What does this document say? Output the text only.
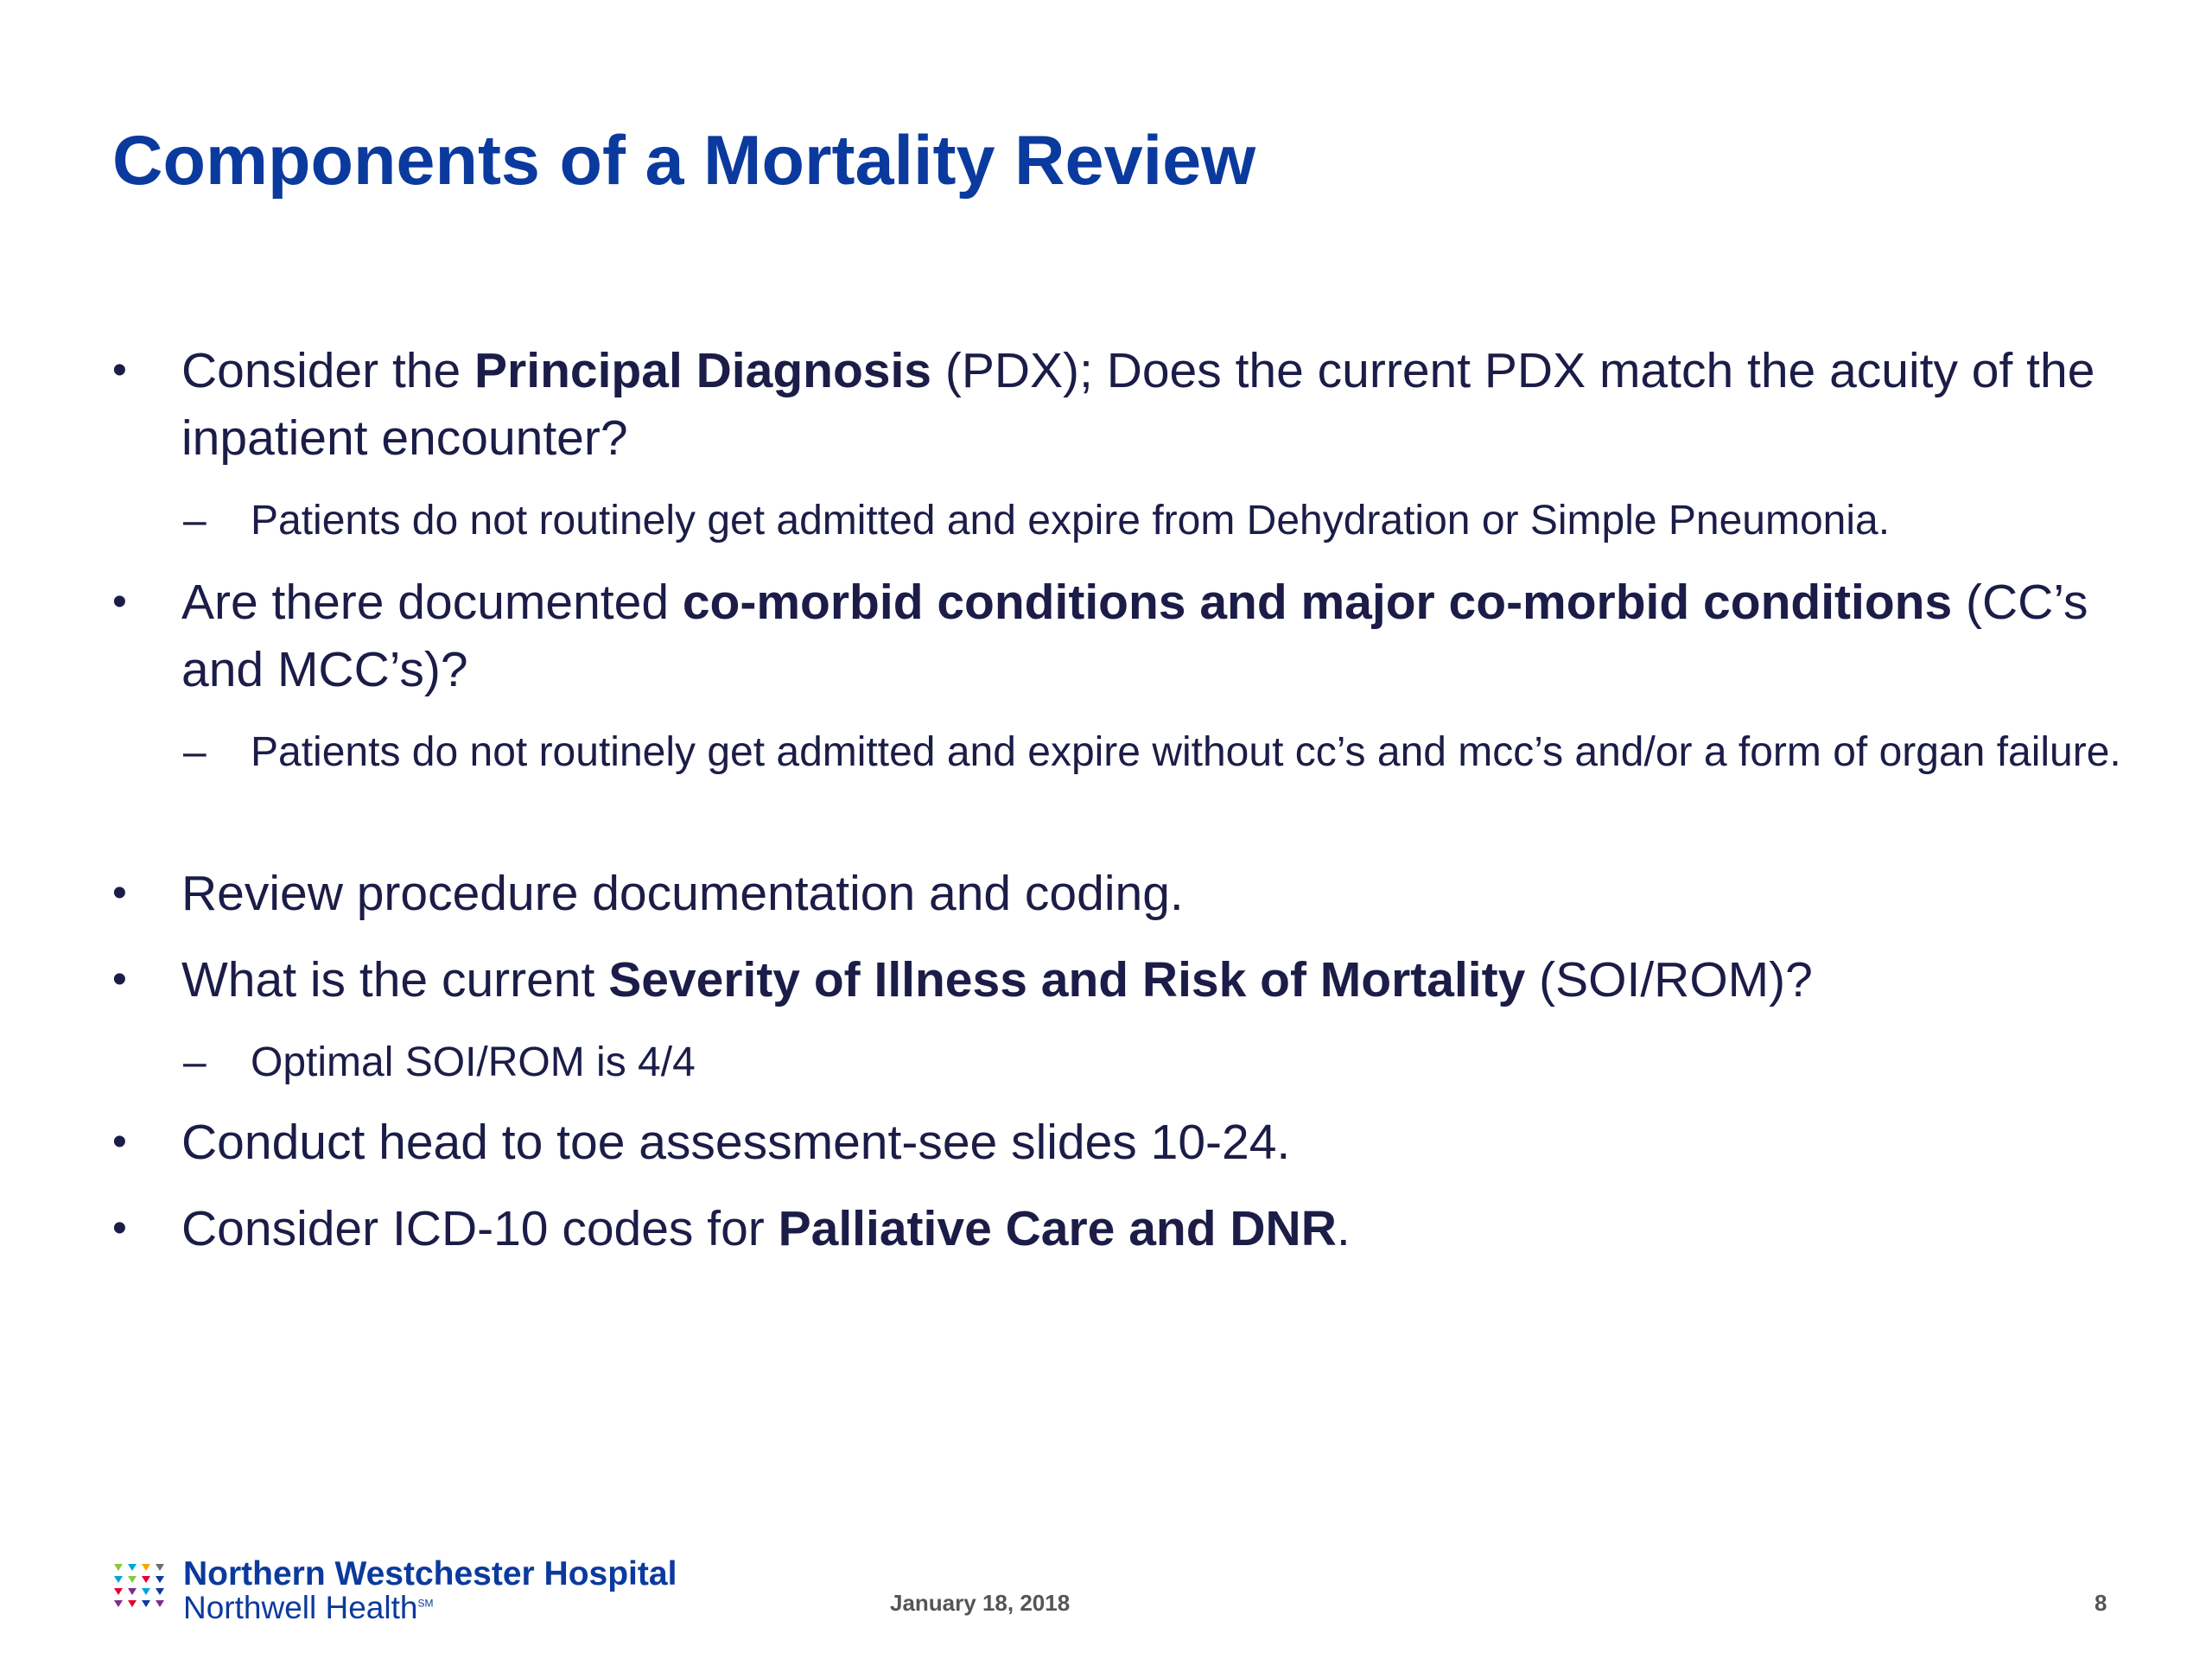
Components of a Mortality Review
• Consider the Principal Diagnosis (PDX); Does the current PDX match the acuity of the inpatient encounter?
– Patients do not routinely get admitted and expire from Dehydration or Simple Pneumonia.
• Are there documented co-morbid conditions and major co-morbid conditions (CC’s and MCC’s)?
– Patients do not routinely get admitted and expire without cc’s and mcc’s and/or a form of organ failure.
• Review procedure documentation and coding.
• What is the current Severity of Illness and Risk of Mortality (SOI/ROM)?
– Optimal SOI/ROM is 4/4
• Conduct head to toe assessment-see slides 10-24.
• Consider ICD-10 codes for Palliative Care and DNR.
Northern Westchester Hospital
Northwell Health℠	January 18, 2018	8
